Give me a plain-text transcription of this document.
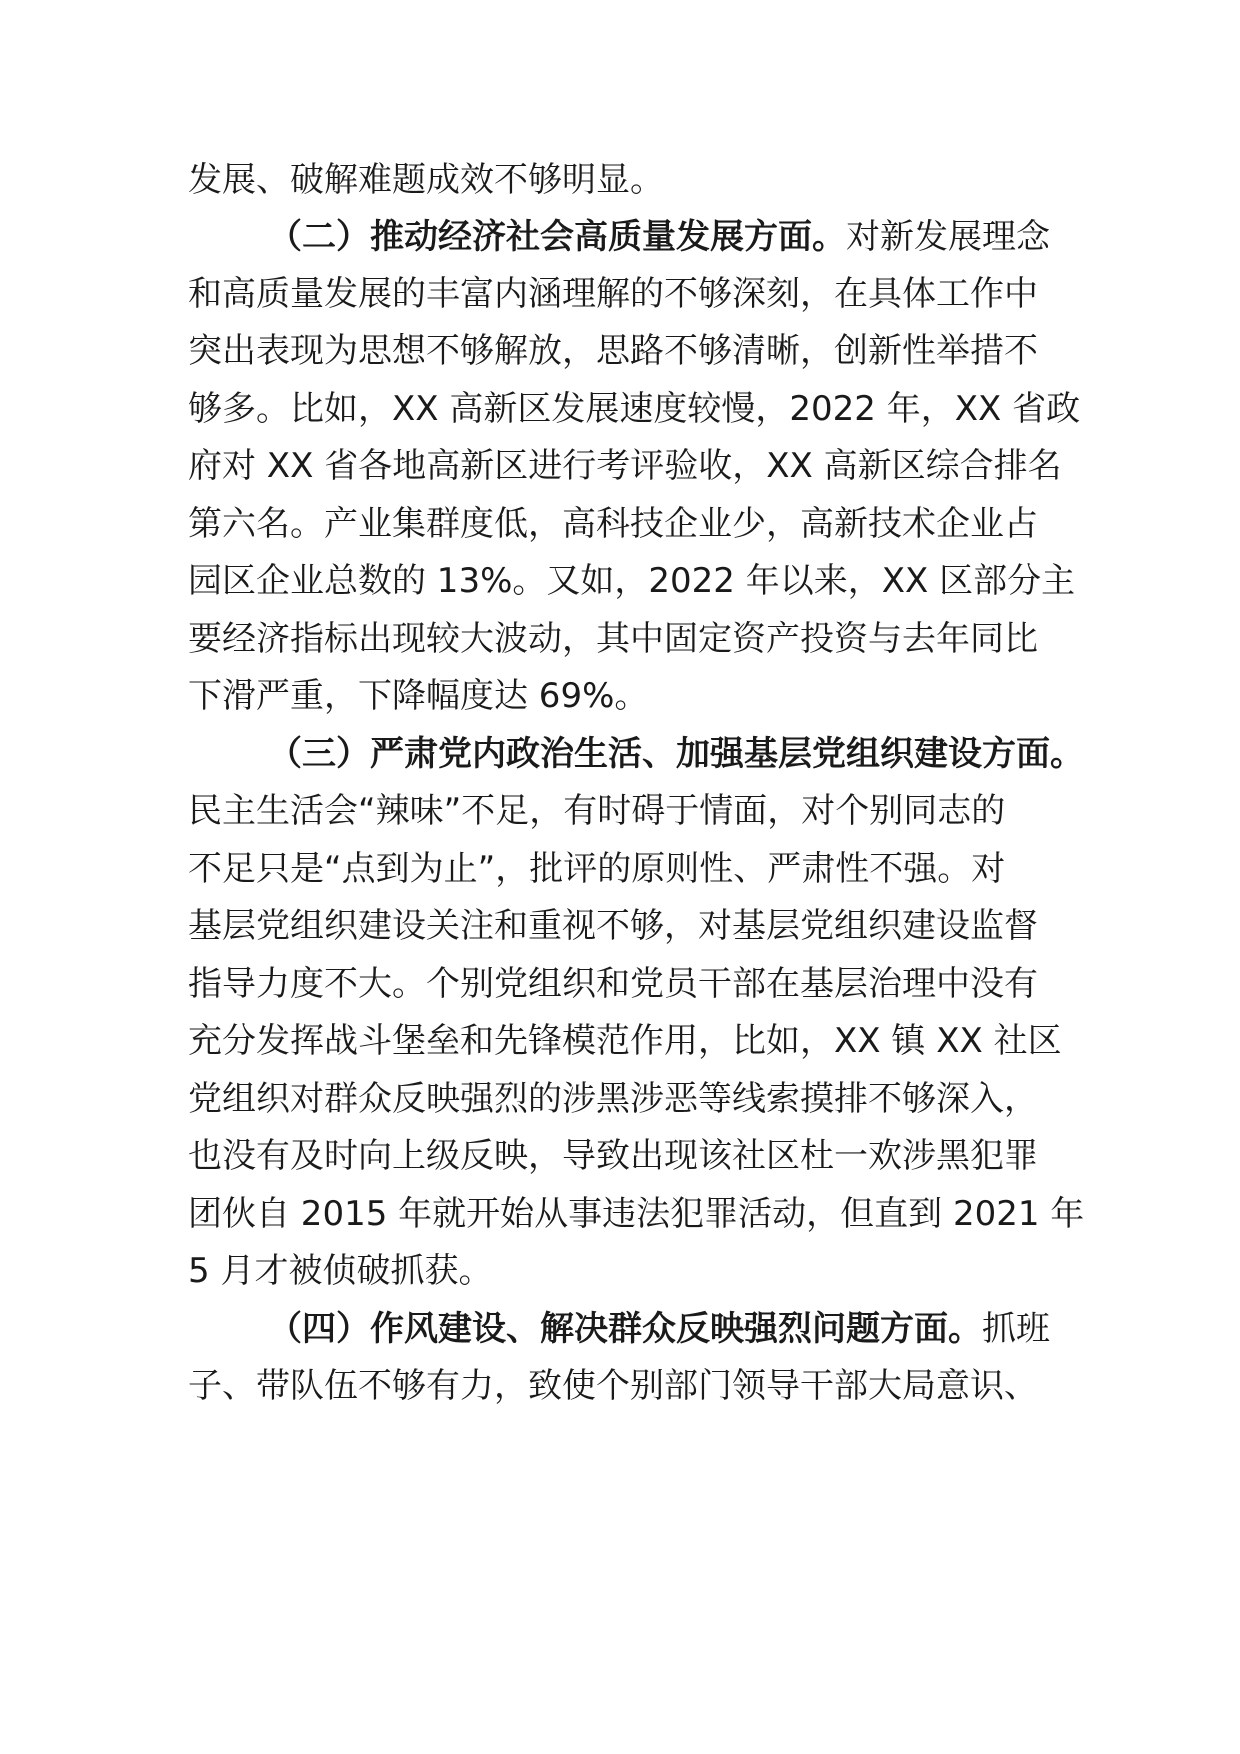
发展、破解难题成效不够明显。
（二）推动经济社会高质量发展方面。对新发展理念
和高质量发展的丰富内涵理解的不够深刻，在具体工作中
突出表现为思想不够解放，思路不够清晰，创新性举措不
够多。比如，XX 高新区发展速度较慢，2022 年，XX 省政
府对 XX 省各地高新区进行考评验收，XX 高新区综合排名
第六名。产业集群度低，高科技企业少，高新技术企业占
园区企业总数的 13%。又如，2022 年以来，XX 区部分主
要经济指标出现较大波动，其中固定资产投资与去年同比
下滑严重，下降幅度达 69%。
（三）严肃党内政治生活、加强基层党组织建设方面。
民主生活会“辣味”不足，有时碍于情面，对个别同志的
不足只是“点到为止”，批评的原则性、严肃性不强。对
基层党组织建设关注和重视不够，对基层党组织建设监督
指导力度不大。个别党组织和党员干部在基层治理中没有
充分发挥战斗堡垒和先锋模范作用，比如，XX 镇 XX 社区
党组织对群众反映强烈的涉黑涉恶等线索摸排不够深入，
也没有及时向上级反映，导致出现该社区杜一欢涉黑犯罪
团伙自 2015 年就开始从事违法犯罪活动，但直到 2021 年
5 月才被侦破抓获。
（四）作风建设、解决群众反映强烈问题方面。抓班
子、带队伍不够有力，致使个别部门领导干部大局意识、
